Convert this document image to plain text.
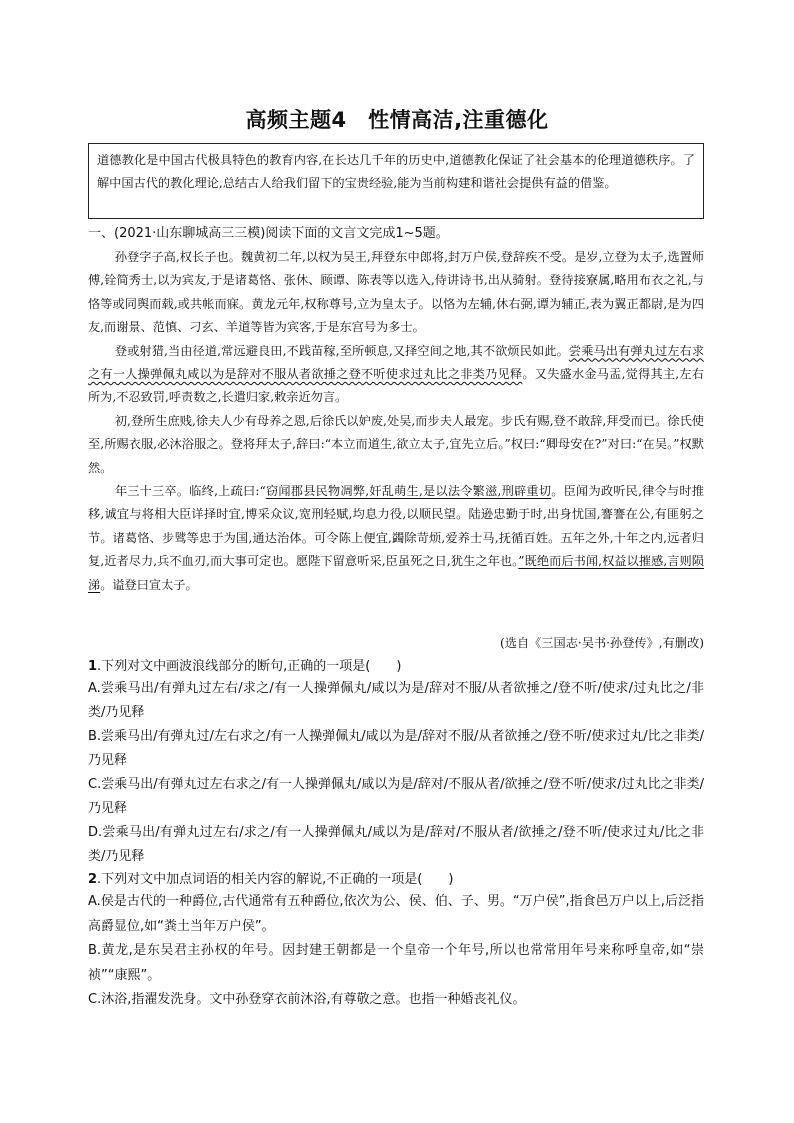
高频主题4　性情高洁,注重德化

道德教化是中国古代极具特色的教育内容,在长达几千年的历史中,道德教化保证了社会基本的伦理道德秩序。了解中国古代的教化理论,总结古人给我们留下的宝贵经验,能为当前构建和谐社会提供有益的借鉴。

一、(2021·山东聊城高三三模)阅读下面的文言文完成1~5题。

孙登字子高,权长子也。魏黄初二年,以权为吴王,拜登东中郎将,封万户侯,登辞疾不受。是岁,立登为太子,选置师傅,铨简秀士,以为宾友,于是诸葛恪、张休、顾谭、陈表等以选入,侍讲诗书,出从骑射。登待接寮属,略用布衣之礼,与恪等或同舆而载,或共帐而寐。黄龙元年,权称尊号,立为皇太子。以恪为左辅,休右弼,谭为辅正,表为翼正都尉,是为四友,而谢景、范慎、刁玄、羊道等皆为宾客,于是东宫号为多士。

登或射猎,当由径道,常远避良田,不践苗稼,至所顿息,又择空间之地,其不欲烦民如此。尝乘马出有弹丸过左右求之有一人操弹佩丸咸以为是辞对不服从者欲捶之登不听使求过丸比之非类乃见释。又失盛水金马盂,觉得其主,左右所为,不忍致罚,呼责数之,长遣归家,敕亲近勿言。

初,登所生庶贱,徐夫人少有母养之恩,后徐氏以妒废,处吴,而步夫人最宠。步氏有赐,登不敢辞,拜受而已。徐氏使至,所赐衣服,必沐浴服之。登将拜太子,辞曰:“本立而道生,欲立太子,宜先立后。”权曰:“卿母安在?”对曰:“在吴。”权默然。

年三十三卒。临终,上疏曰:“窃闻郡县民物凋弊,奸乱萌生,是以法令繁滋,刑辟重切。臣闻为政听民,律令与时推移,诚宜与将相大臣详择时宜,博采众议,宽刑轻赋,均息力役,以顺民望。陆逊忠勤于时,出身忧国,謇謇在公,有匪躬之节。诸葛恪、步骘等忠于为国,通达治体。可令陈上便宜,蠲除苛烦,爱养士马,抚循百姓。五年之外,十年之内,远者归复,近者尽力,兵不血刃,而大事可定也。愿陛下留意听采,臣虽死之日,犹生之年也。”既绝而后书闻,权益以摧感,言则陨涕。谥登曰宣太子。

(选自《三国志·吴书·孙登传》,有删改)

1.下列对文中画波浪线部分的断句,正确的一项是(　　)

A.尝乘马出/有弹丸过左右/求之/有一人操弹佩丸/咸以为是/辞对不服/从者欲捶之/登不听/使求/过丸比之/非类/乃见释

B.尝乘马出/有弹丸过/左右求之/有一人操弹佩丸/咸以为是/辞对不服/从者欲捶之/登不听/使求过丸/比之非类/乃见释

C.尝乘马出/有弹丸过左右求之/有一人操弹佩丸/咸以为是/辞对/不服从者/欲捶之/登不听/使求/过丸比之非类/乃见释

D.尝乘马出/有弹丸过左右/求之/有一人操弹佩丸/咸以为是/辞对/不服从者/欲捶之/登不听/使求过丸/比之非类/乃见释

2.下列对文中加点词语的相关内容的解说,不正确的一项是(　　)

A.侯是古代的一种爵位,古代通常有五种爵位,依次为公、侯、伯、子、男。“万户侯”,指食邑万户以上,后泛指高爵显位,如“粪土当年万户侯”。

B.黄龙,是东吴君主孙权的年号。因封建王朝都是一个皇帝一个年号,所以也常常用年号来称呼皇帝,如“崇祯”“康熙”。

C.沐浴,指濯发洗身。文中孙登穿衣前沐浴,有尊敬之意。也指一种婚丧礼仪。
